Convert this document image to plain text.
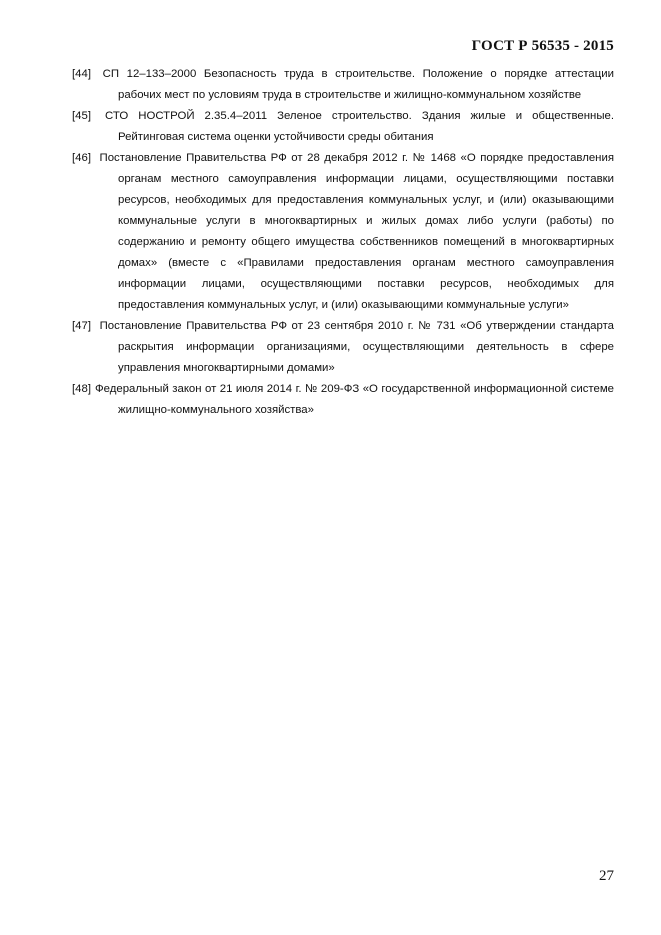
ГОСТ Р 56535 - 2015

[44] СП 12–133–2000 Безопасность труда в строительстве. Положение о порядке аттестации рабочих мест по условиям труда в строительстве и жилищно-коммунальном хозяйстве

[45] СТО НОСТРОЙ 2.35.4–2011 Зеленое строительство. Здания жилые и общественные. Рейтинговая система оценки устойчивости среды обитания

[46] Постановление Правительства РФ от 28 декабря 2012 г. № 1468 «О порядке предоставления органам местного самоуправления информации лицами, осуществляющими поставки ресурсов, необходимых для предоставления коммунальных услуг, и (или) оказывающими коммунальные услуги в многоквартирных и жилых домах либо услуги (работы) по содержанию и ремонту общего имущества собственников помещений в многоквартирных домах» (вместе с «Правилами предоставления органам местного самоуправления информации лицами, осуществляющими поставки ресурсов, необходимых для предоставления коммунальных услуг, и (или) оказывающими коммунальные услуги»

[47] Постановление Правительства РФ от 23 сентября 2010 г. № 731 «Об утверждении стандарта раскрытия информации организациями, осуществляющими деятельность в сфере управления многоквартирными домами»

[48] Федеральный закон от 21 июля 2014 г. № 209-ФЗ «О государственной информационной системе жилищно-коммунального хозяйства»

27
